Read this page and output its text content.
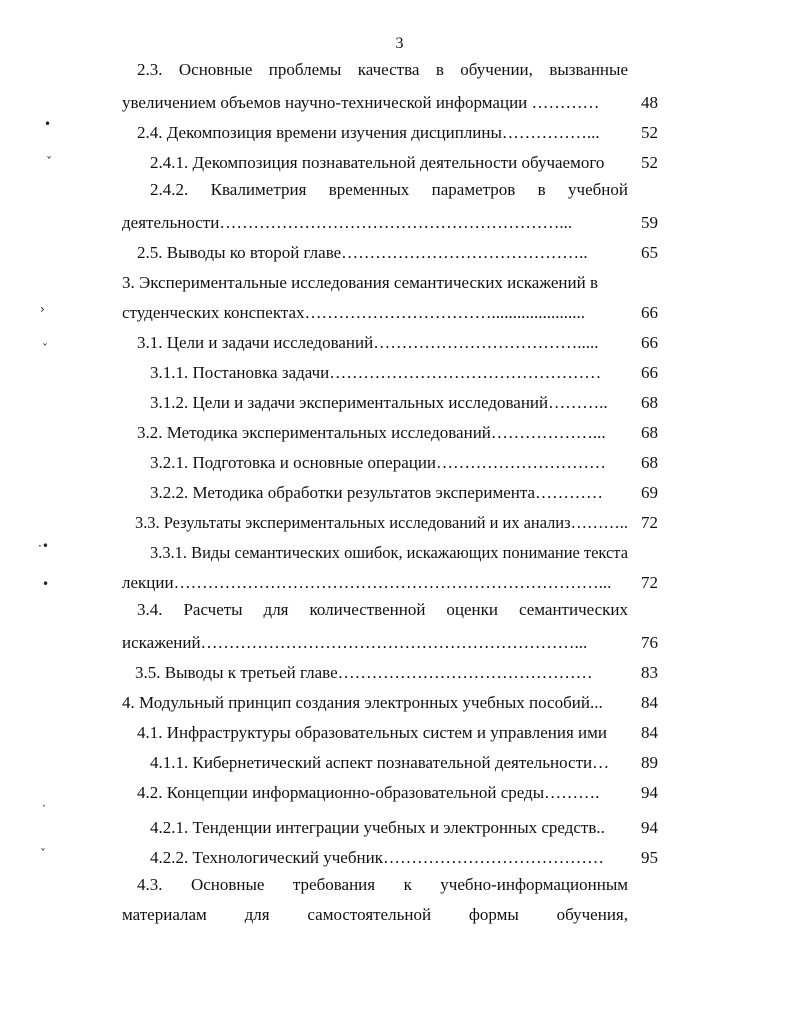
3
2.3. Основные проблемы качества в обучении, вызванные
увеличением объемов научно-технической информации ………… 48
2.4. Декомпозиция времени изучения дисциплины……………... 52
2.4.1. Декомпозиция познавательной деятельности обучаемого 52
2.4.2. Квалиметрия временных параметров в учебной
деятельности……………………………………………………...	59
2.5. Выводы ко второй главе……………………………………..	65
3. Экспериментальные исследования семантических искажений в
студенческих конспектах……………………………......................	66
3.1. Цели и задачи исследований……………………………….....	66
3.1.1. Постановка задачи………………………………………… 66
3.1.2. Цели и задачи экспериментальных исследований……….. 68
3.2. Методика экспериментальных исследований………………... 68
3.2.1. Подготовка и основные операции………………………… 68
3.2.2. Методика обработки результатов эксперимента………… 69
3.3. Результаты экспериментальных исследований и их анализ……….. 72
3.3.1. Виды семантических ошибок, искажающих понимание текста
лекции…………………………………………………………………... 72
3.4. Расчеты для количественной оценки семантических
искажений…………………………………………………………...	76
3.5. Выводы к третьей главе………………………………………	83
4. Модульный принцип создания электронных учебных пособий... 84
4.1. Инфраструктуры образовательных систем и управления ими 84
4.1.1. Кибернетический аспект познавательной деятельности… 89
4.2. Концепции информационно-образовательной среды………. 94
4.2.1. Тенденции интеграции учебных и электронных средств.. 94
4.2.2. Технологический учебник………………………………… 95
4.3. Основные требования к учебно-информационным
материалам для самостоятельной формы обучения,
•
ˇ
›
ˇ
·•
•
·
ˇ
